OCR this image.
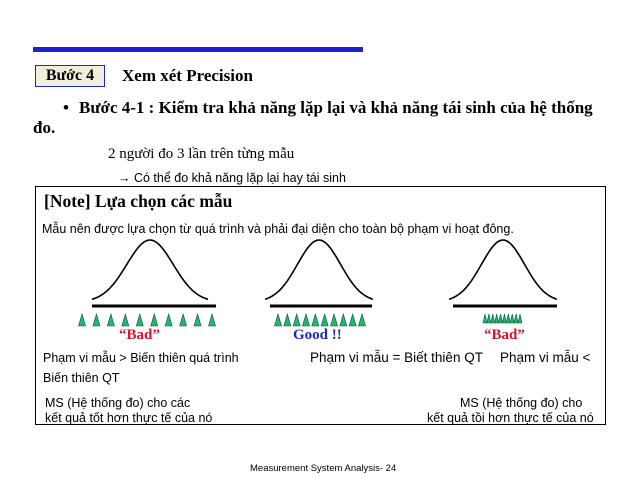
Bước 4	Xem xét Precision
• Bước 4-1 : Kiểm tra khả năng lặp lại và khả năng tái sinh của hệ thống đo.
2 người đo 3 lần trên từng mẫu
→ Có thể đo khả năng lặp lại hay tái sinh
[Note] Lựa chọn các mẫu
Mẫu nên được lựa chọn từ quá trình và phải đại diện cho toàn bộ phạm vi hoạt đông.
“Bad”	Good !!	“Bad”
Phạm vi mẫu > Biến thiên quá trình	Phạm vi mẫu = Biết thiên QT Phạm vi mẫu <
Biến thiên QT
MS (Hệ thống đo) cho các
kết quả tốt hơn thực tế của nó
MS (Hệ thống đo) cho
kết quả tồi hơn thực tế của nó
Measurement System Analysis- 24
